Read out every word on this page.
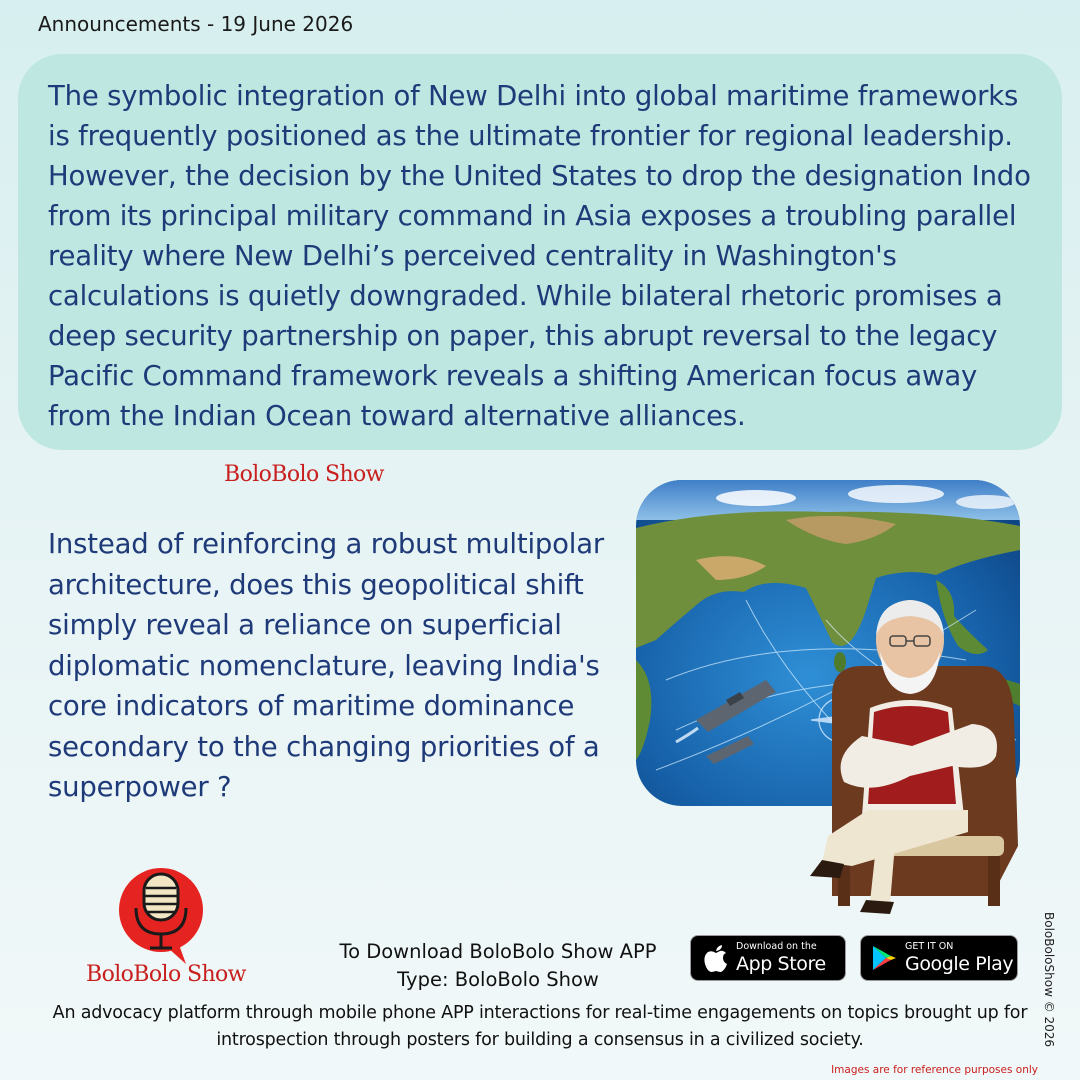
Announcements - 19 June 2026

The symbolic integration of New Delhi into global maritime frameworks is frequently positioned as the ultimate frontier for regional leadership. However, the decision by the United States to drop the designation Indo from its principal military command in Asia exposes a troubling parallel reality where New Delhi’s perceived centrality in Washington's calculations is quietly downgraded. While bilateral rhetoric promises a deep security partnership on paper, this abrupt reversal to the legacy Pacific Command framework reveals a shifting American focus away from the Indian Ocean toward alternative alliances.

BoloBolo Show

Instead of reinforcing a robust multipolar architecture, does this geopolitical shift simply reveal a reliance on superficial diplomatic nomenclature, leaving India's core indicators of maritime dominance secondary to the changing priorities of a superpower ?

BoloBolo Show
To Download BoloBolo Show APP
Type: BoloBolo Show
Download on the
App Store
GET IT ON
Google Play
An advocacy platform through mobile phone APP interactions for real-time engagements on topics brought up for introspection through posters for building a consensus in a civilized society.	BoloBoloShow © 2026
Images are for reference purposes only
